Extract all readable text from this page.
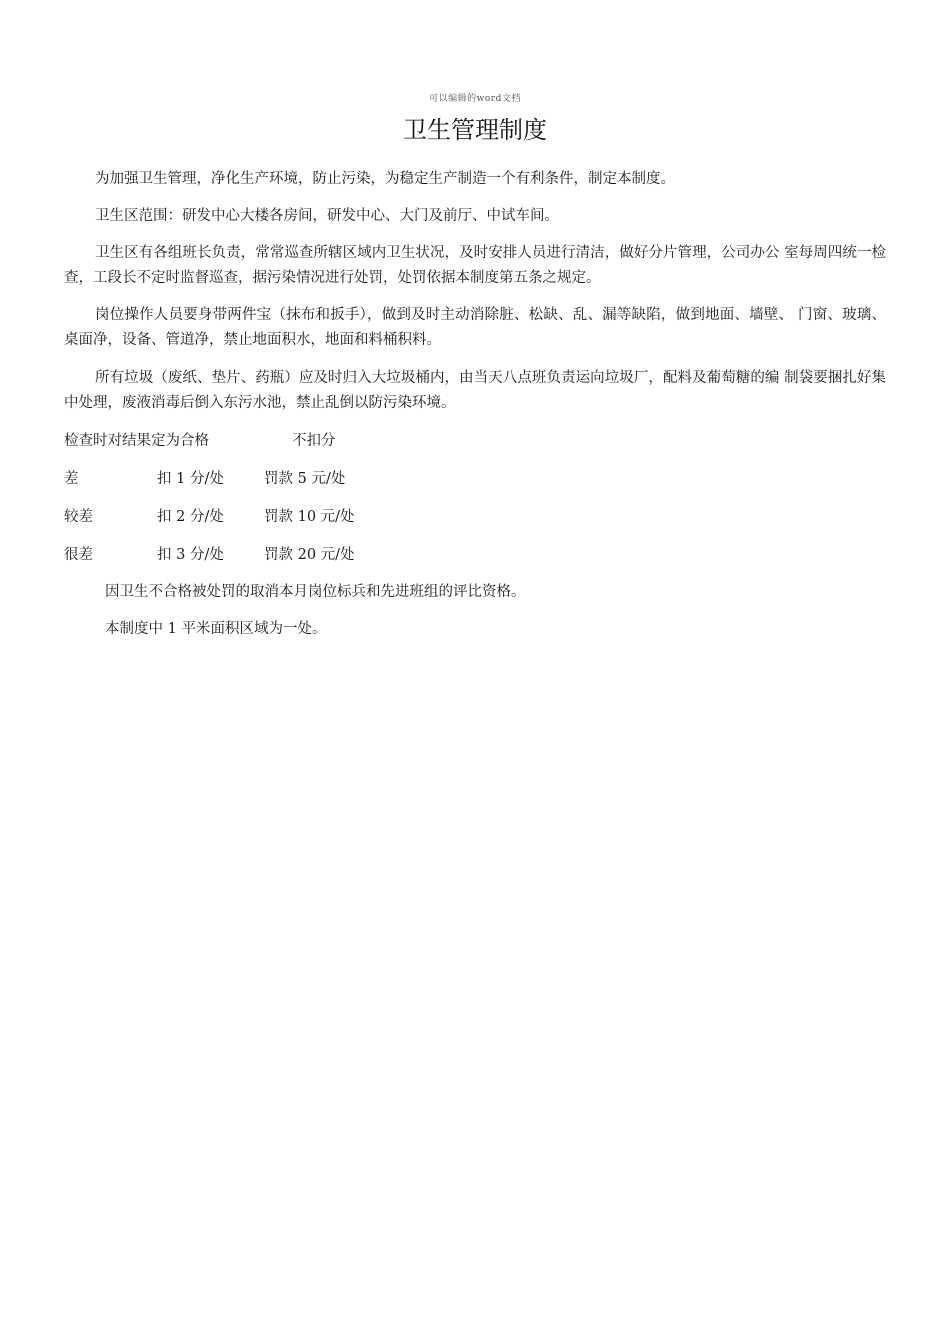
可以编辑的word文档
卫生管理制度

为加强卫生管理，净化生产环境，防止污染，为稳定生产制造一个有利条件，制定本制度。

卫生区范围：研发中心大楼各房间，研发中心、大门及前厅、中试车间。

卫生区有各组班长负责，常常巡查所辖区域内卫生状况，及时安排人员进行清洁，做好分片管理，公司办公 室每周四统一检查，工段长不定时监督巡查，据污染情况进行处罚，处罚依据本制度第五条之规定。

岗位操作人员要身带两件宝（抹布和扳手），做到及时主动消除脏、松缺、乱、漏等缺陷，做到地面、墙壁、 门窗、玻璃、桌面净，设备、管道净，禁止地面积水，地面和料桶积料。

所有垃圾（废纸、垫片、药瓶）应及时归入大垃圾桶内，由当天八点班负责运向垃圾厂，配料及葡萄糖的编 制袋要捆扎好集中处理，废液消毒后倒入东污水池，禁止乱倒以防污染环境。

检查时对结果定为合格	不扣分
差	扣 1 分/处	罚款 5 元/处
较差	扣 2 分/处	罚款 10 元/处
很差	扣 3 分/处	罚款 20 元/处

因卫生不合格被处罚的取消本月岗位标兵和先进班组的评比资格。

本制度中 1 平米面积区域为一处。
